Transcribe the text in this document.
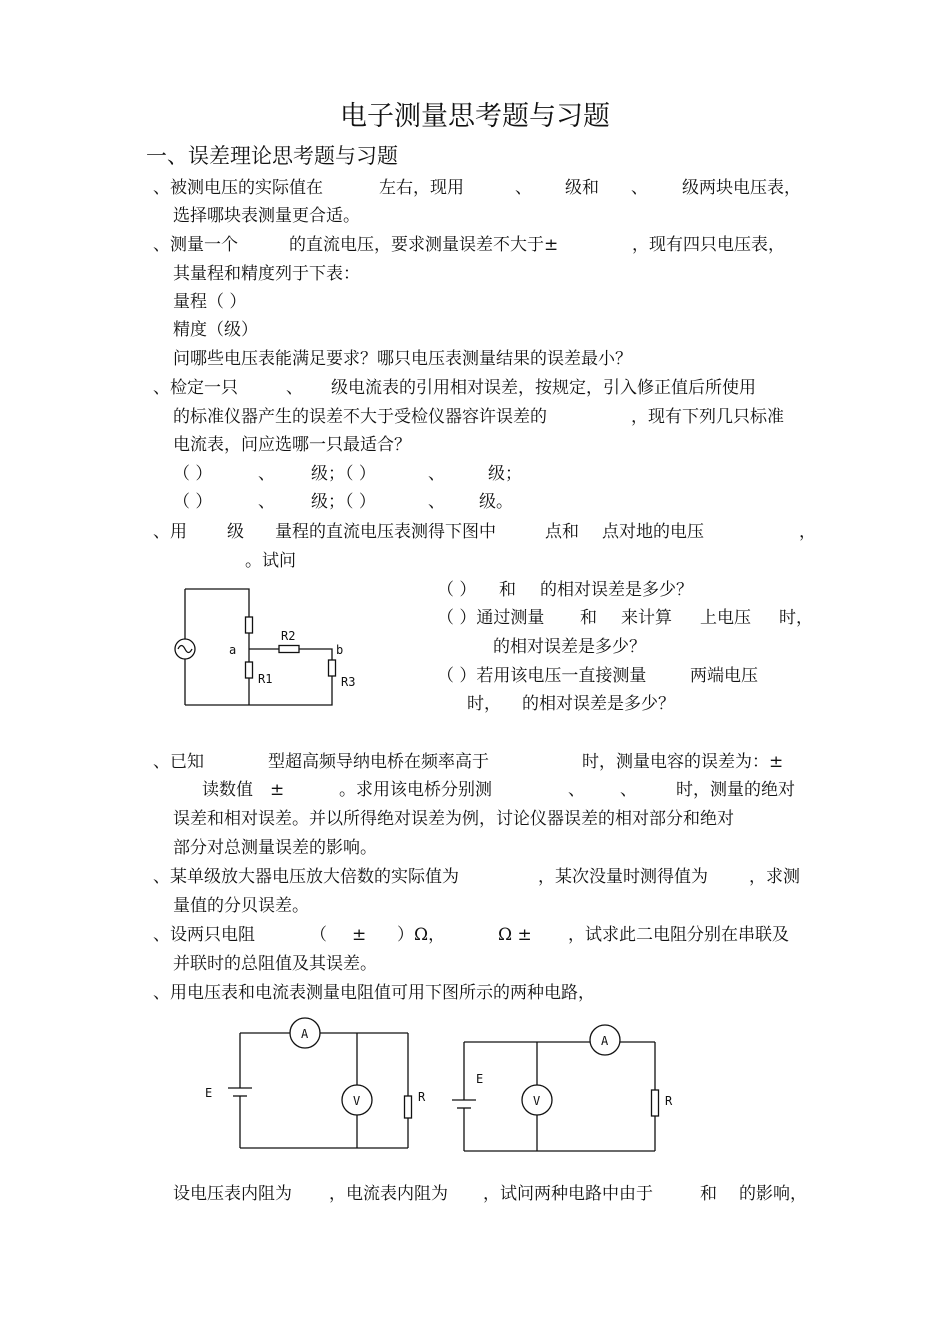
电子测量思考题与习题
一、误差理论思考题与习题
、被测电压的实际值在	左右，现用	、 级和 、 级两块电压表，
选择哪块表测量更合适。
、测量一个	的直流电压，要求测量误差不大于±	，现有四只电压表，
其量程和精度列于下表：
量程（ ）
精度（级）
问哪些电压表能满足要求？哪只电压表测量结果的误差最小？
、检定一只	、 级电流表的引用相对误差，按规定，引入修正值后所使用
的标准仪器产生的误差不大于受检仪器容许误差的	，现有下列几只标准
电流表，问应选哪一只最适合？
（ ）	、 级；（ ）	、	级；
（ ）	、 级；（ ）	、 级。
、用 级 量程的直流电压表测得下图中	点和 点对地的电压	，
。试问
（ ） 和 的相对误差是多少？
（ ）通过测量 和 来计算 上电压 时，
的相对误差是多少？
（ ）若用该电压一直接测量	两端电压
时， 的相对误差是多少？
a	b
R2
R1	R3
、已知	型超高频导纳电桥在频率高于	时，测量电容的误差为：±
读数值 ±	。求用该电桥分别测	、 、 时，测量的绝对
误差和相对误差。并以所得绝对误差为例，讨论仪器误差的相对部分和绝对
部分对总测量误差的影响。
、某单级放大器电压放大倍数的实际值为	，某次没量时测得值为 ，求测
量值的分贝误差。
、设两只电阻	（ ± ）Ω，	Ω ± ，试求此二电阻分别在串联及
并联时的总阻值及其误差。
、用电压表和电流表测量电阻值可用下图所示的两种电路，
A
V
E	R
A
V
E
R
设电压表内阻为 ，电流表内阻为 ，试问两种电路中由于	和 的影响，
